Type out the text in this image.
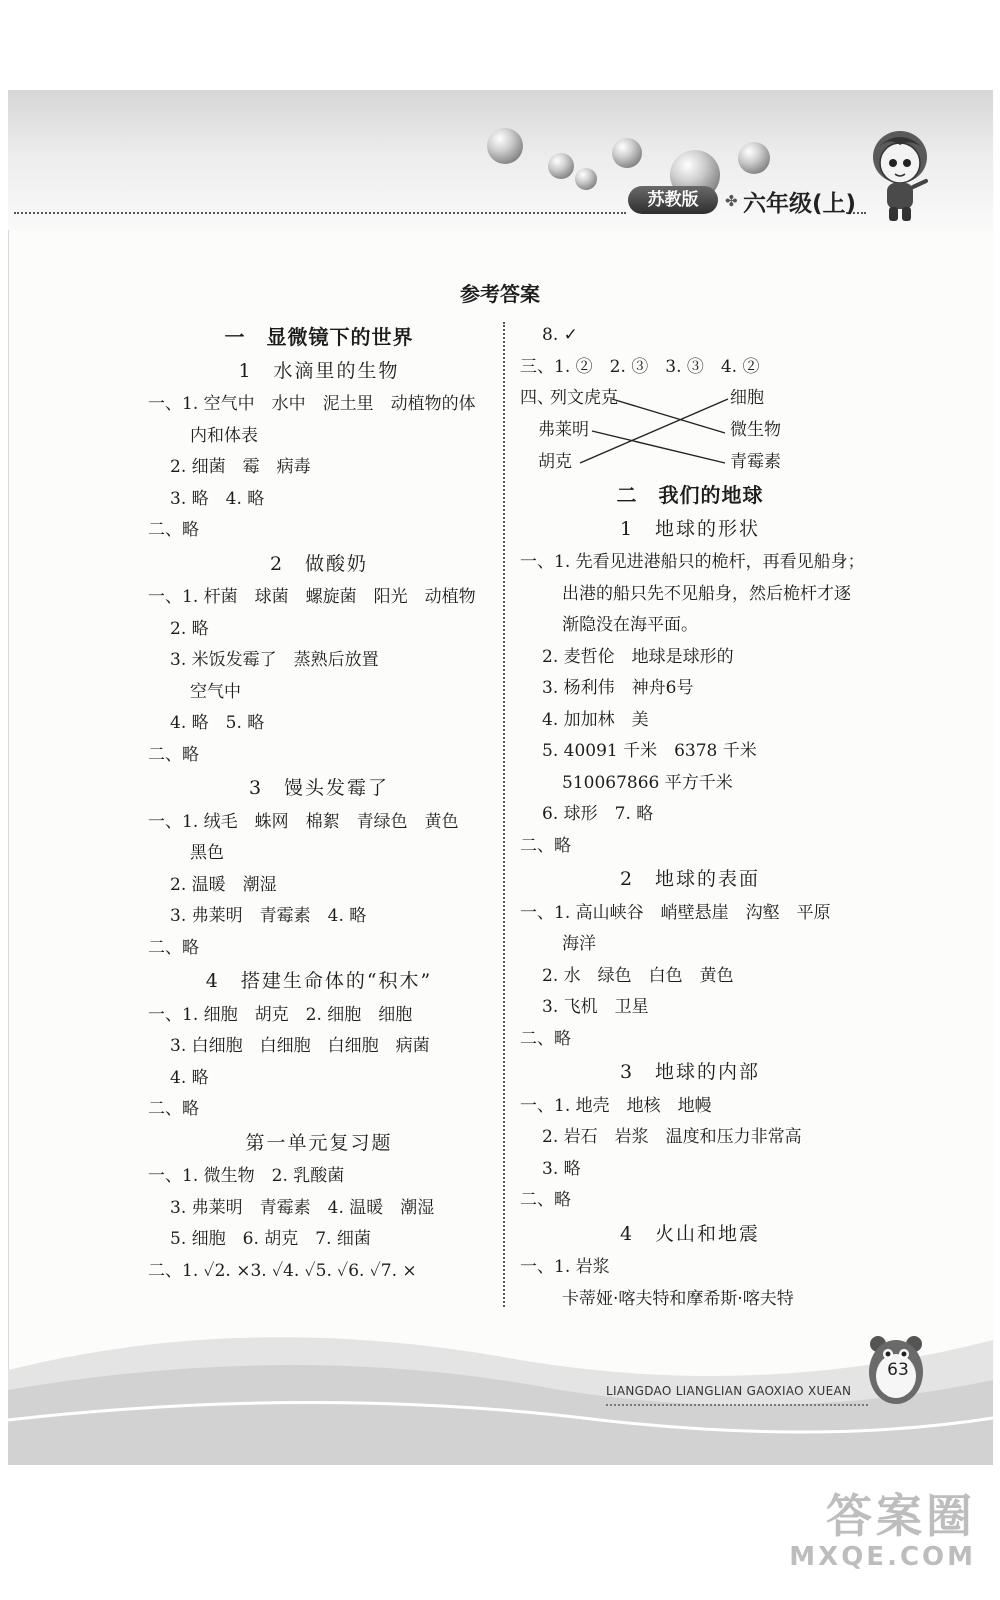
苏教版	✤ 六年级(上)
参考答案
一　显微镜下的世界
1　水滴里的生物
一、1. 空气中　水中　泥土里　动植物的体
内和体表
2. 细菌　霉　病毒
3. 略　4. 略
二、略
2　做酸奶
一、1. 杆菌　球菌　螺旋菌　阳光　动植物
2. 略
3. 米饭发霉了　蒸熟后放置
空气中
4. 略　5. 略
二、略
3　馒头发霉了
一、1. 绒毛　蛛网　棉絮　青绿色　黄色
黑色
2. 温暖　潮湿
3. 弗莱明　青霉素　4. 略
二、略
4　搭建生命体的“积木”
一、1. 细胞　胡克　2. 细胞　细胞
3. 白细胞　白细胞　白细胞　病菌
4. 略
二、略
第一单元复习题
一、1. 微生物　2. 乳酸菌
3. 弗莱明　青霉素　4. 温暖　潮湿
5. 细胞　6. 胡克　7. 细菌
二、1. ✓2. ×3. ✓4. ✓5. ✓6. ✓7. ×
8. ✓
三、1. ②　2. ③　3. ③　4. ②
四、
列文虎克
弗莱明
胡克
细胞
微生物
青霉素
二　我们的地球
1　地球的形状
一、1. 先看见进港船只的桅杆，再看见船身；
出港的船只先不见船身，然后桅杆才逐
渐隐没在海平面。
2. 麦哲伦　地球是球形的
3. 杨利伟　神舟6号
4. 加加林　美
5. 40091 千米　6378 千米
510067866 平方千米
6. 球形　7. 略
二、略
2　地球的表面
一、1. 高山峡谷　峭壁悬崖　沟壑　平原
海洋
2. 水　绿色　白色　黄色
3. 飞机　卫星
二、略
3　地球的内部
一、1. 地壳　地核　地幔
2. 岩石　岩浆　温度和压力非常高
3. 略
二、略
4　火山和地震
一、1. 岩浆
卡蒂娅·喀夫特和摩希斯·喀夫特
63
LIANGDAO LIANGLIAN GAOXIAO XUEAN
答案圈
MXQE.COM
